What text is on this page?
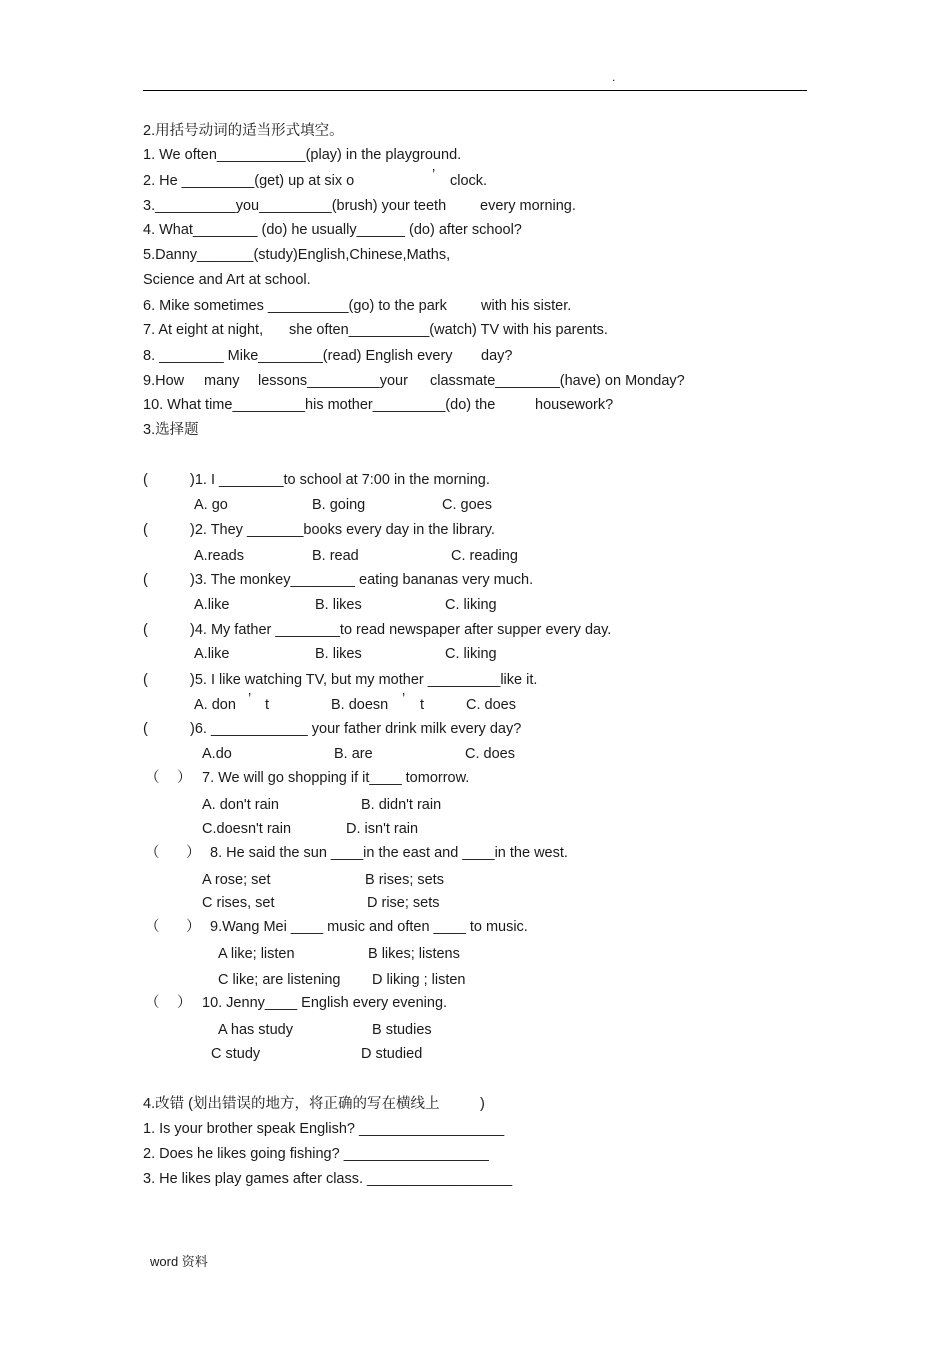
.
2.用括号动词的适当形式填空。
1. We often___________(play) in the playground.
2. He _________(get) up at six o	’ clock.
3.__________you_________(brush) your teeth every morning.
4. What________ (do) he usually______ (do) after school?
5.Danny_______(study)English,Chinese,Maths,
Science and Art at school.
6. Mike sometimes __________(go) to the park with his sister.
7. At eight at night, she often__________(watch) TV with his parents.
8. ________ Mike________(read) English every day?
9.How many lessons_________your classmate________(have) on Monday?
10. What time_________his mother_________(do) the	housework?
3.选择题
(	)1. I ________to school at 7:00 in the morning.
A. go	B. going	C. goes
(	)2. They _______books every day in the library.
A.reads	B. read	C. reading
(	)3. The monkey________ eating bananas very much.
A.like	B. likes	C. liking
(	)4. My father ________to read newspaper after supper every day.
A.like	B. likes	C. liking
(	)5. I like watching TV, but my mother _________like it.
A. don ’ t	B. doesn ’ t	C. does
(	)6. ____________ your father drink milk every day?
A.do	B. are	C. does
（ ） 7. We will go shopping if it____ tomorrow.
A. don't rain	B. didn't rain
C.doesn't rain	D. isn't rain
（ ） 8. He said the sun ____in the east and ____in the west.
A rose; set	B rises; sets
C rises, set	D rise; sets
（ ） 9.Wang Mei ____ music and often ____ to music.
A like; listen	B likes; listens
C like; are listening D liking ; listen
（ ） 10. Jenny____ English every evening.
A has study	B studies
C study	D studied
4.改错 (划出错误的地方，将正确的写在横线上	)
1. Is your brother speak English? __________________
2. Does he likes going fishing? __________________
3. He likes play games after class. __________________
word 资料
